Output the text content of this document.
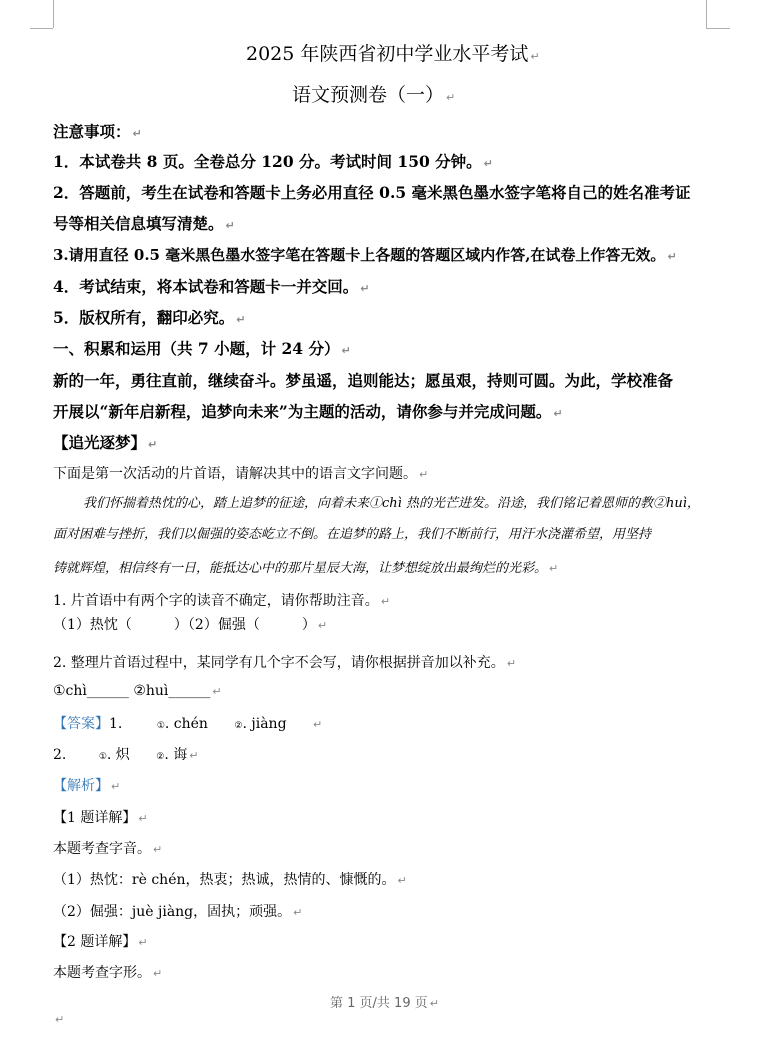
2025 年陕西省初中学业水平考试 ↵
语文预测卷（一） ↵
注意事项： ↵
1．本试卷共 8 页。全卷总分 120 分。考试时间 150 分钟。 ↵
2．答题前，考生在试卷和答题卡上务必用直径 0.5 毫米黑色墨水签字笔将自己的姓名准考证
号等相关信息填写清楚。 ↵
3.请用直径 0.5 毫米黑色墨水签字笔在答题卡上各题的答题区域内作答,在试卷上作答无效。 ↵
4．考试结束，将本试卷和答题卡一并交回。 ↵
5．版权所有，翻印必究。 ↵
一、积累和运用（共 7 小题，计 24 分） ↵
新的一年，勇往直前，继续奋斗。梦虽遥，追则能达；愿虽艰，持则可圆。为此，学校准备
开展以“新年启新程，追梦向未来”为主题的活动，请你参与并完成问题。 ↵
【追光逐梦】 ↵
下面是第一次活动的片首语，请解决其中的语言文字问题。 ↵
我们怀揣着热忱的心，踏上追梦的征途，向着未来①chì 热的光芒进发。沿途，我们铭记着恩师的教②huì，
面对困难与挫折，我们以倔强的姿态屹立不倒。在追梦的路上，我们不断前行，用汗水浇灌希望，用坚持
铸就辉煌，相信终有一日，能抵达心中的那片星辰大海，让梦想绽放出最绚烂的光彩。 ↵
1. 片首语中有两个字的读音不确定，请你帮助注音。 ↵
（1）热忱（　　　）（2）倔强（　　　） ↵
2. 整理片首语过程中，某同学有几个字不会写，请你根据拼音加以补充。 ↵
①chì______ ②huì______ ↵
【答案】1.	①. chén	②. jiàng ↵
2.	①. 炽	②. 诲 ↵
【解析】 ↵
【1 题详解】 ↵
本题考查字音。 ↵
（1）热忱：rè chén，热衷；热诚，热情的、慷慨的。 ↵
（2）倔强：juè jiàng，固执；顽强。 ↵
【2 题详解】 ↵
本题考查字形。 ↵
第 1 页/共 19 页 ↵
↵
